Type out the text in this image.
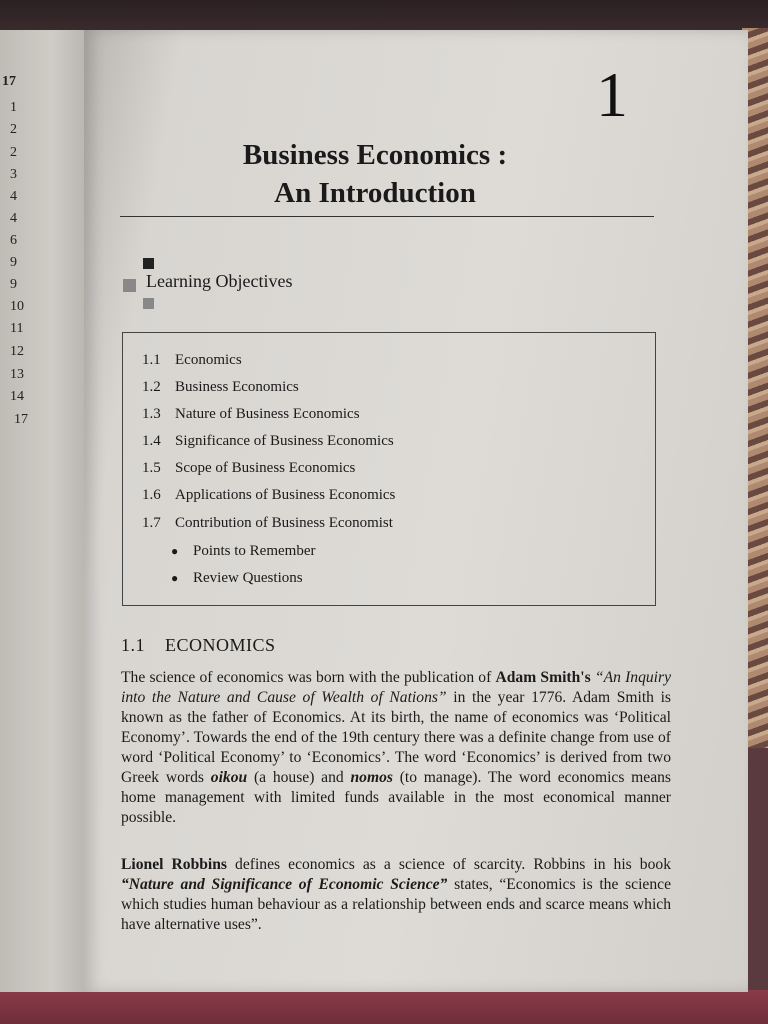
17
1
2
2
3
4
4
6
9
9
10
11
12
13
14
17
1
Business Economics :
An Introduction
Learning Objectives
1.1 Economics
1.2 Business Economics
1.3 Nature of Business Economics
1.4 Significance of Business Economics
1.5 Scope of Business Economics
1.6 Applications of Business Economics
1.7 Contribution of Business Economist
● Points to Remember
● Review Questions
1.1 ECONOMICS
The science of economics was born with the publication of Adam Smith's “An Inquiry into the Nature and Cause of Wealth of Nations” in the year 1776. Adam Smith is known as the father of Economics. At its birth, the name of economics was ‘Political Economy’. Towards the end of the 19th century there was a definite change from use of word ‘Political Economy’ to ‘Economics’. The word ‘Economics’ is derived from two Greek words oikou (a house) and nomos (to manage). The word economics means home management with limited funds available in the most economical manner possible.
Lionel Robbins defines economics as a science of scarcity. Robbins in his book “Nature and Significance of Economic Science” states, “Economics is the science which studies human behaviour as a relationship between ends and scarce means which have alternative uses”.
